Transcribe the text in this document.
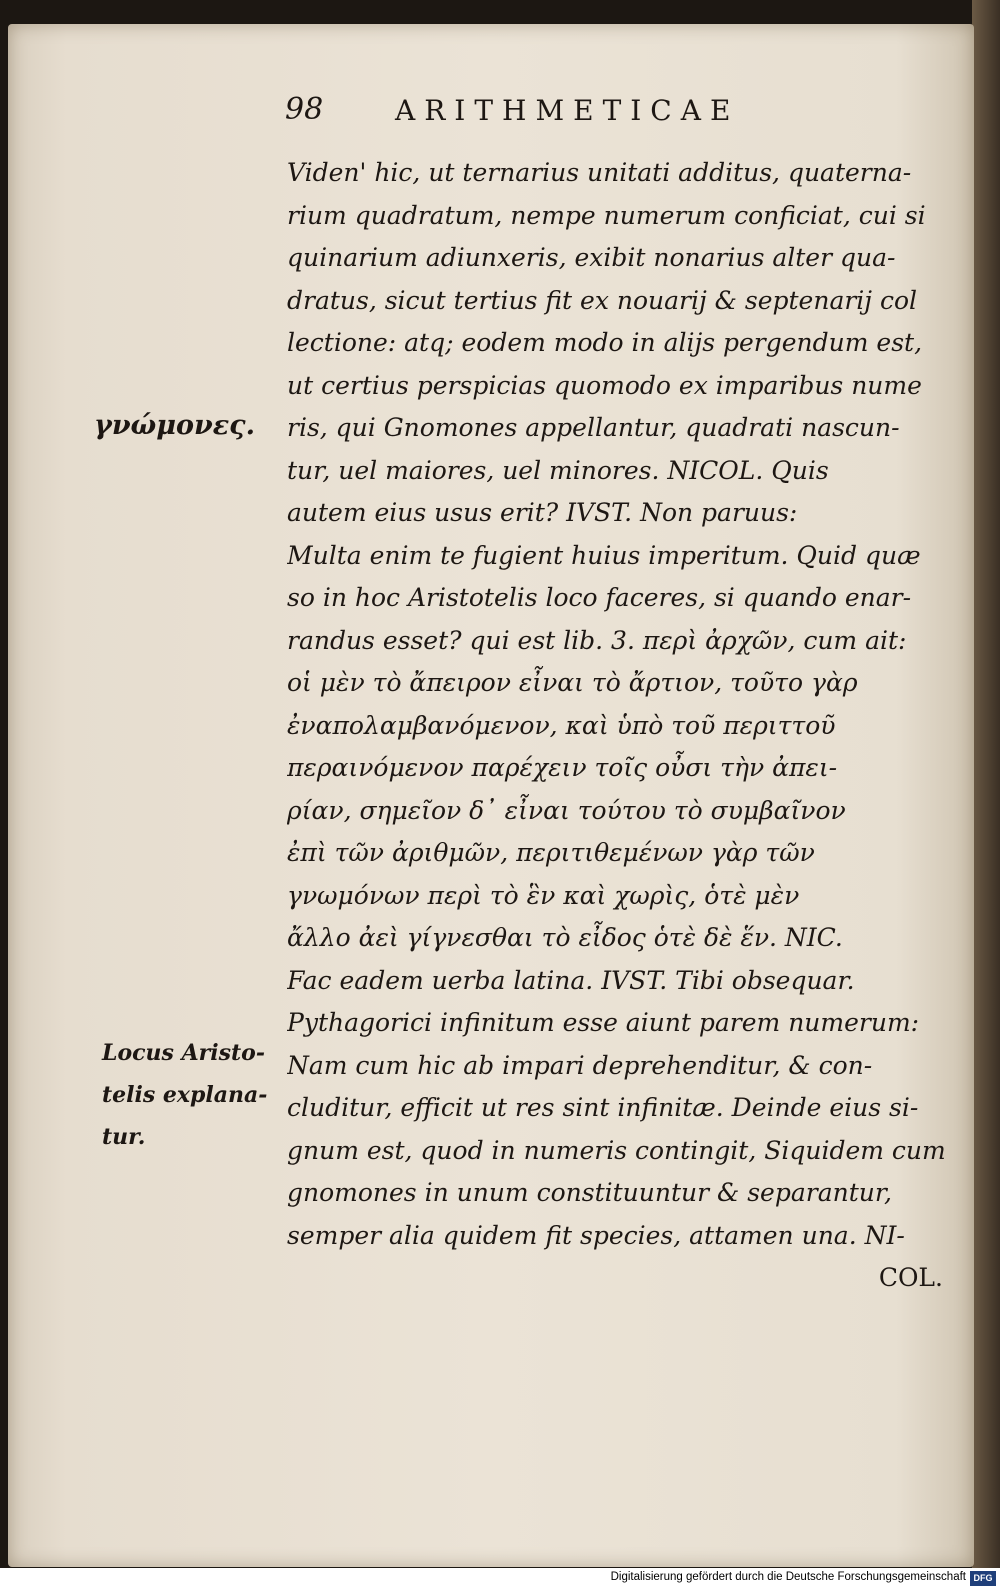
98	ARITHMETICAE
γνώμονες.
Locus Aristo-
telis explana-
tur.
Viden' hic, ut ternarius unitati additus, quaterna-
rium quadratum, nempe numerum conficiat, cui si
quinarium adiunxeris, exibit nonarius alter qua-
dratus, sicut tertius fit ex nouarij & septenarij col
lectione: atq; eodem modo in alijs pergendum est,
ut certius perspicias quomodo ex imparibus nume
ris, qui Gnomones appellantur, quadrati nascun-
tur, uel maiores, uel minores. NICOL. Quis
autem eius usus erit? IVST. Non paruus:
Multa enim te fugient huius imperitum. Quid quæ
so in hoc Aristotelis loco faceres, si quando enar-
randus esset? qui est lib. 3. περὶ ἀρχῶν, cum ait:
οἱ μὲν τὸ ἄπειρον εἶναι τὸ ἄρτιον, τοῦτο γὰρ
ἐναπολαμβανόμενον, καὶ ὑπὸ τοῦ περιττοῦ
περαινόμενον παρέχειν τοῖς οὖσι τὴν ἀπει-
ρίαν, σημεῖον δ᾽ εἶναι τούτου τὸ συμβαῖνον
ἐπὶ τῶν ἀριθμῶν, περιτιθεμένων γὰρ τῶν
γνωμόνων περὶ τὸ ἓν καὶ χωρὶς, ὁτὲ μὲν
ἄλλο ἀεὶ γίγνεσθαι τὸ εἶδος ὁτὲ δὲ ἕν. NIC.
Fac eadem uerba latina. IVST. Tibi obsequar.
Pythagorici infinitum esse aiunt parem numerum:
Nam cum hic ab impari deprehenditur, & con-
cluditur, efficit ut res sint infinitæ. Deinde eius si-
gnum est, quod in numeris contingit, Siquidem cum
gnomones in unum constituuntur & separantur,
semper alia quidem fit species, attamen una. NI-
COL.
Digitalisierung gefördert durch die Deutsche Forschungsgemeinschaft DFG
